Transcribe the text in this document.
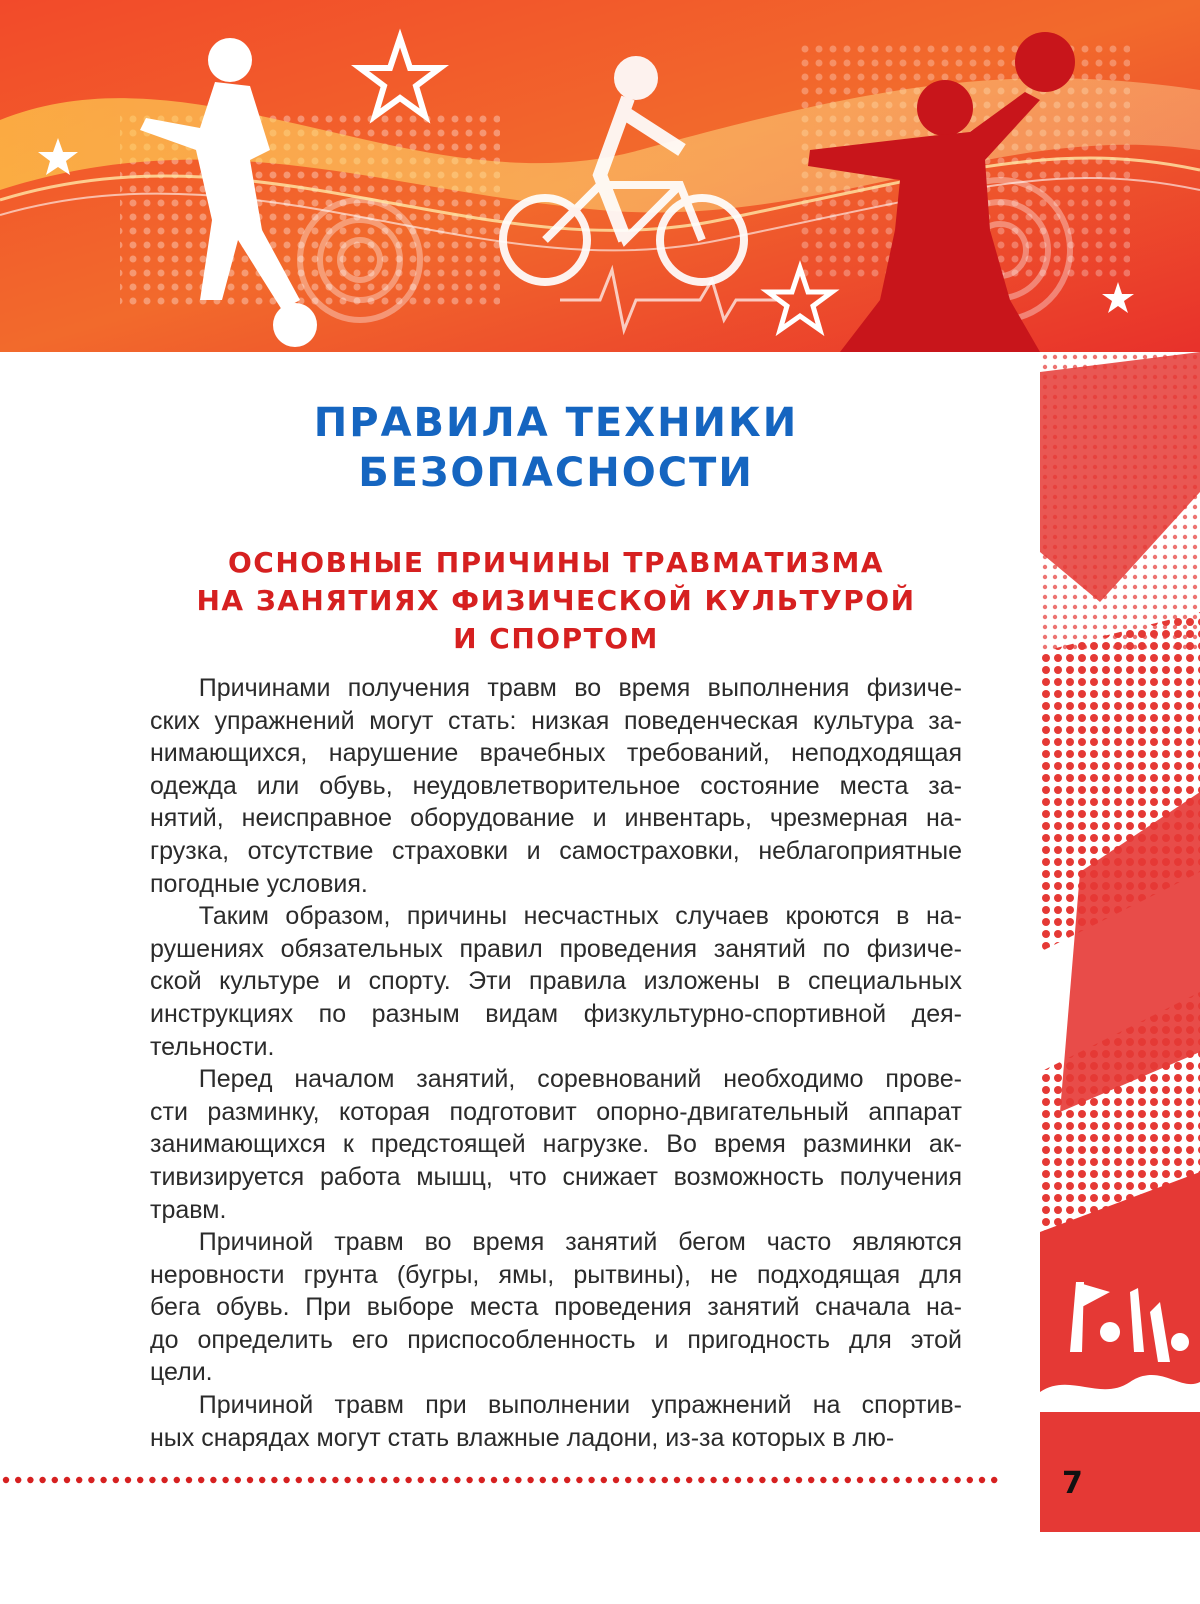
ПРАВИЛА ТЕХНИКИ
БЕЗОПАСНОСТИ
ОСНОВНЫЕ ПРИЧИНЫ ТРАВМАТИЗМА
НА ЗАНЯТИЯХ ФИЗИЧЕСКОЙ КУЛЬТУРОЙ
И СПОРТОМ

Причинами получения травм во время выполнения физиче-
ских упражнений могут стать: низкая поведенческая культура за-
нимающихся, нарушение врачебных требований, неподходящая
одежда или обувь, неудовлетворительное состояние места за-
нятий, неисправное оборудование и инвентарь, чрезмерная на-
грузка, отсутствие страховки и самостраховки, неблагоприятные
погодные условия.

Таким образом, причины несчастных случаев кроются в на-
рушениях обязательных правил проведения занятий по физиче-
ской культуре и спорту. Эти правила изложены в специальных
инструкциях по разным видам физкультурно-спортивной дея-
тельности.

Перед началом занятий, соревнований необходимо прове-
сти разминку, которая подготовит опорно-двигательный аппарат
занимающихся к предстоящей нагрузке. Во время разминки ак-
тивизируется работа мышц, что снижает возможность получения
травм.

Причиной травм во время занятий бегом часто являются
неровности грунта (бугры, ямы, рытвины), не подходящая для
бега обувь. При выборе места проведения занятий сначала на-
до определить его приспособленность и пригодность для этой
цели.

Причиной травм при выполнении упражнений на спортив-
ных снарядах могут стать влажные ладони, из-за которых в лю-

7
